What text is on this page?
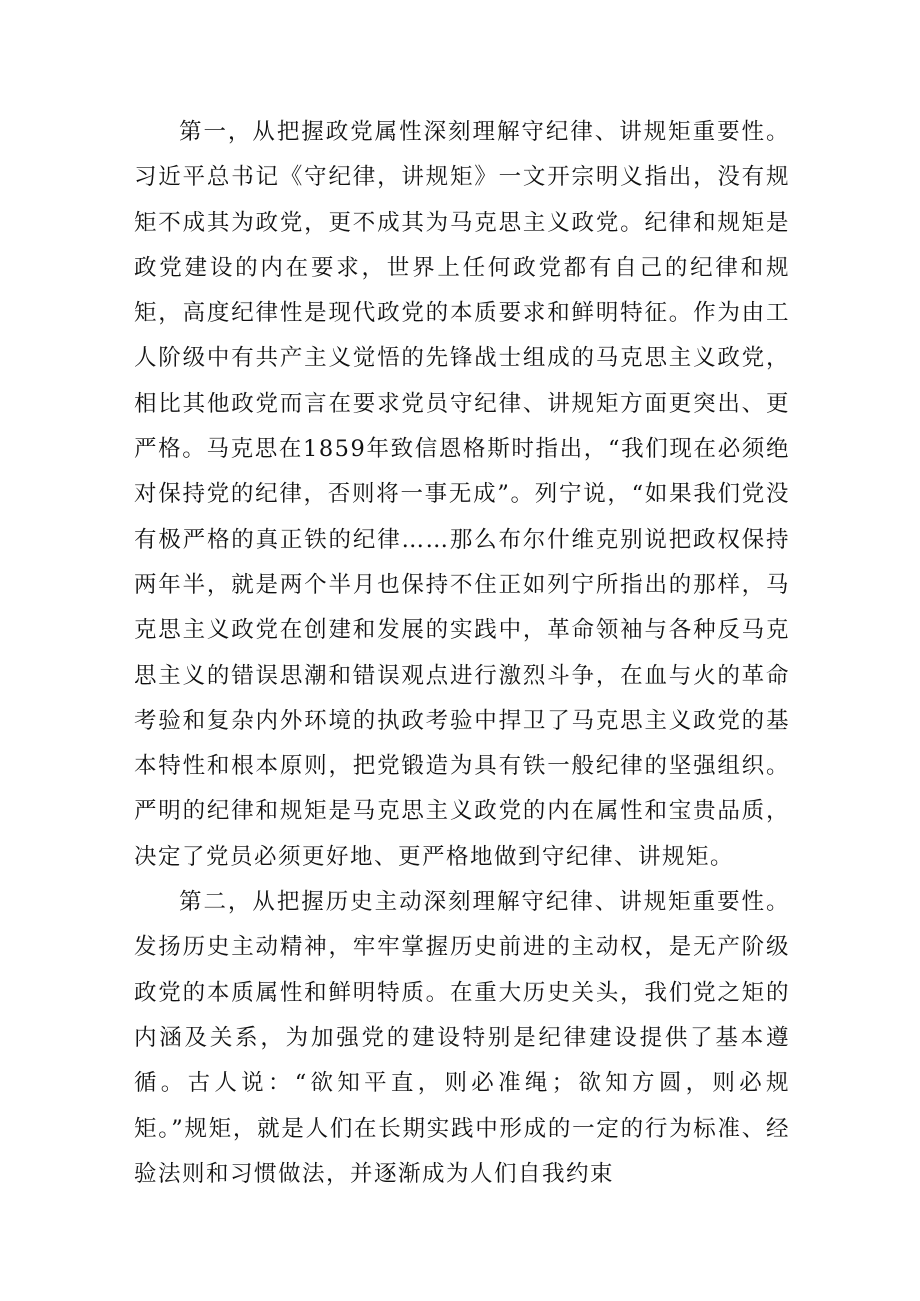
第一，从把握政党属性深刻理解守纪律、讲规矩重要性。习近平总书记《守纪律，讲规矩》一文开宗明义指出，没有规矩不成其为政党，更不成其为马克思主义政党。纪律和规矩是政党建设的内在要求，世界上任何政党都有自己的纪律和规矩，高度纪律性是现代政党的本质要求和鲜明特征。作为由工人阶级中有共产主义觉悟的先锋战士组成的马克思主义政党，相比其他政党而言在要求党员守纪律、讲规矩方面更突出、更严格。马克思在1859年致信恩格斯时指出，“我们现在必须绝对保持党的纪律，否则将一事无成”。列宁说，“如果我们党没有极严格的真正铁的纪律……那么布尔什维克别说把政权保持两年半，就是两个半月也保持不住正如列宁所指出的那样，马克思主义政党在创建和发展的实践中，革命领袖与各种反马克思主义的错误思潮和错误观点进行激烈斗争，在血与火的革命考验和复杂内外环境的执政考验中捍卫了马克思主义政党的基本特性和根本原则，把党锻造为具有铁一般纪律的坚强组织。严明的纪律和规矩是马克思主义政党的内在属性和宝贵品质，决定了党员必须更好地、更严格地做到守纪律、讲规矩。

第二，从把握历史主动深刻理解守纪律、讲规矩重要性。发扬历史主动精神，牢牢掌握历史前进的主动权，是无产阶级政党的本质属性和鲜明特质。在重大历史关头，我们党之矩的内涵及关系，为加强党的建设特别是纪律建设提供了基本遵循。古人说：“欲知平直，则必准绳；欲知方圆，则必规矩。”规矩，就是人们在长期实践中形成的一定的行为标准、经验法则和习惯做法，并逐渐成为人们自我约束
